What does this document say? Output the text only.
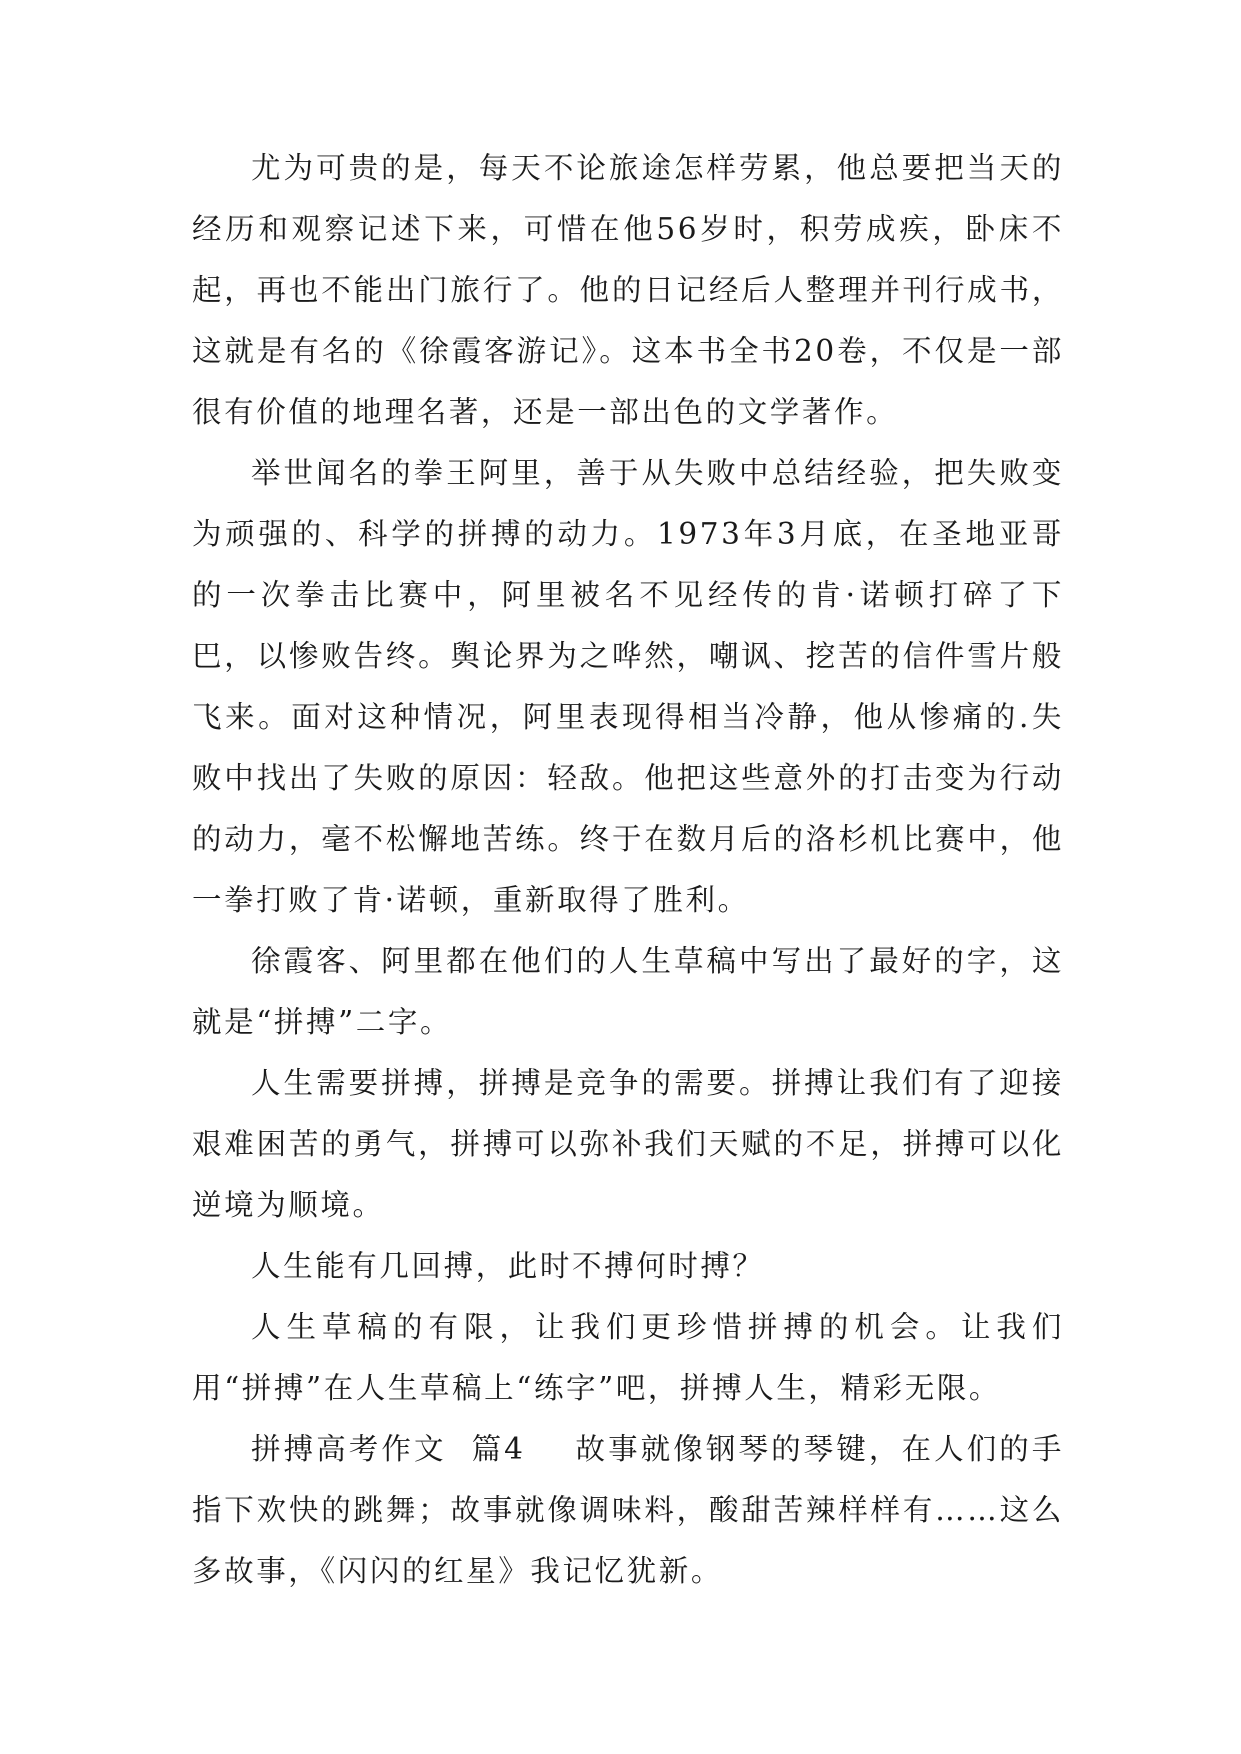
尤为可贵的是，每天不论旅途怎样劳累，他总要把当天的经历和观察记述下来，可惜在他56岁时，积劳成疾，卧床不起，再也不能出门旅行了。他的日记经后人整理并刊行成书，这就是有名的《徐霞客游记》。这本书全书20卷，不仅是一部很有价值的地理名著，还是一部出色的文学著作。

举世闻名的拳王阿里，善于从失败中总结经验，把失败变为顽强的、科学的拼搏的动力。1973年3月底，在圣地亚哥的一次拳击比赛中，阿里被名不见经传的肯·诺顿打碎了下巴，以惨败告终。舆论界为之哗然，嘲讽、挖苦的信件雪片般飞来。面对这种情况，阿里表现得相当冷静，他从惨痛的.失败中找出了失败的原因：轻敌。他把这些意外的打击变为行动的动力，毫不松懈地苦练。终于在数月后的洛杉机比赛中，他一拳打败了肯·诺顿，重新取得了胜利。

徐霞客、阿里都在他们的人生草稿中写出了最好的字，这就是“拼搏”二字。

人生需要拼搏，拼搏是竞争的需要。拼搏让我们有了迎接艰难困苦的勇气，拼搏可以弥补我们天赋的不足，拼搏可以化逆境为顺境。

人生能有几回搏，此时不搏何时搏？

人生草稿的有限，让我们更珍惜拼搏的机会。让我们用“拼搏”在人生草稿上“练字”吧，拼搏人生，精彩无限。

拼搏高考作文  篇4    故事就像钢琴的琴键，在人们的手指下欢快的跳舞；故事就像调味料，酸甜苦辣样样有……这么多故事，《闪闪的红星》我记忆犹新。
